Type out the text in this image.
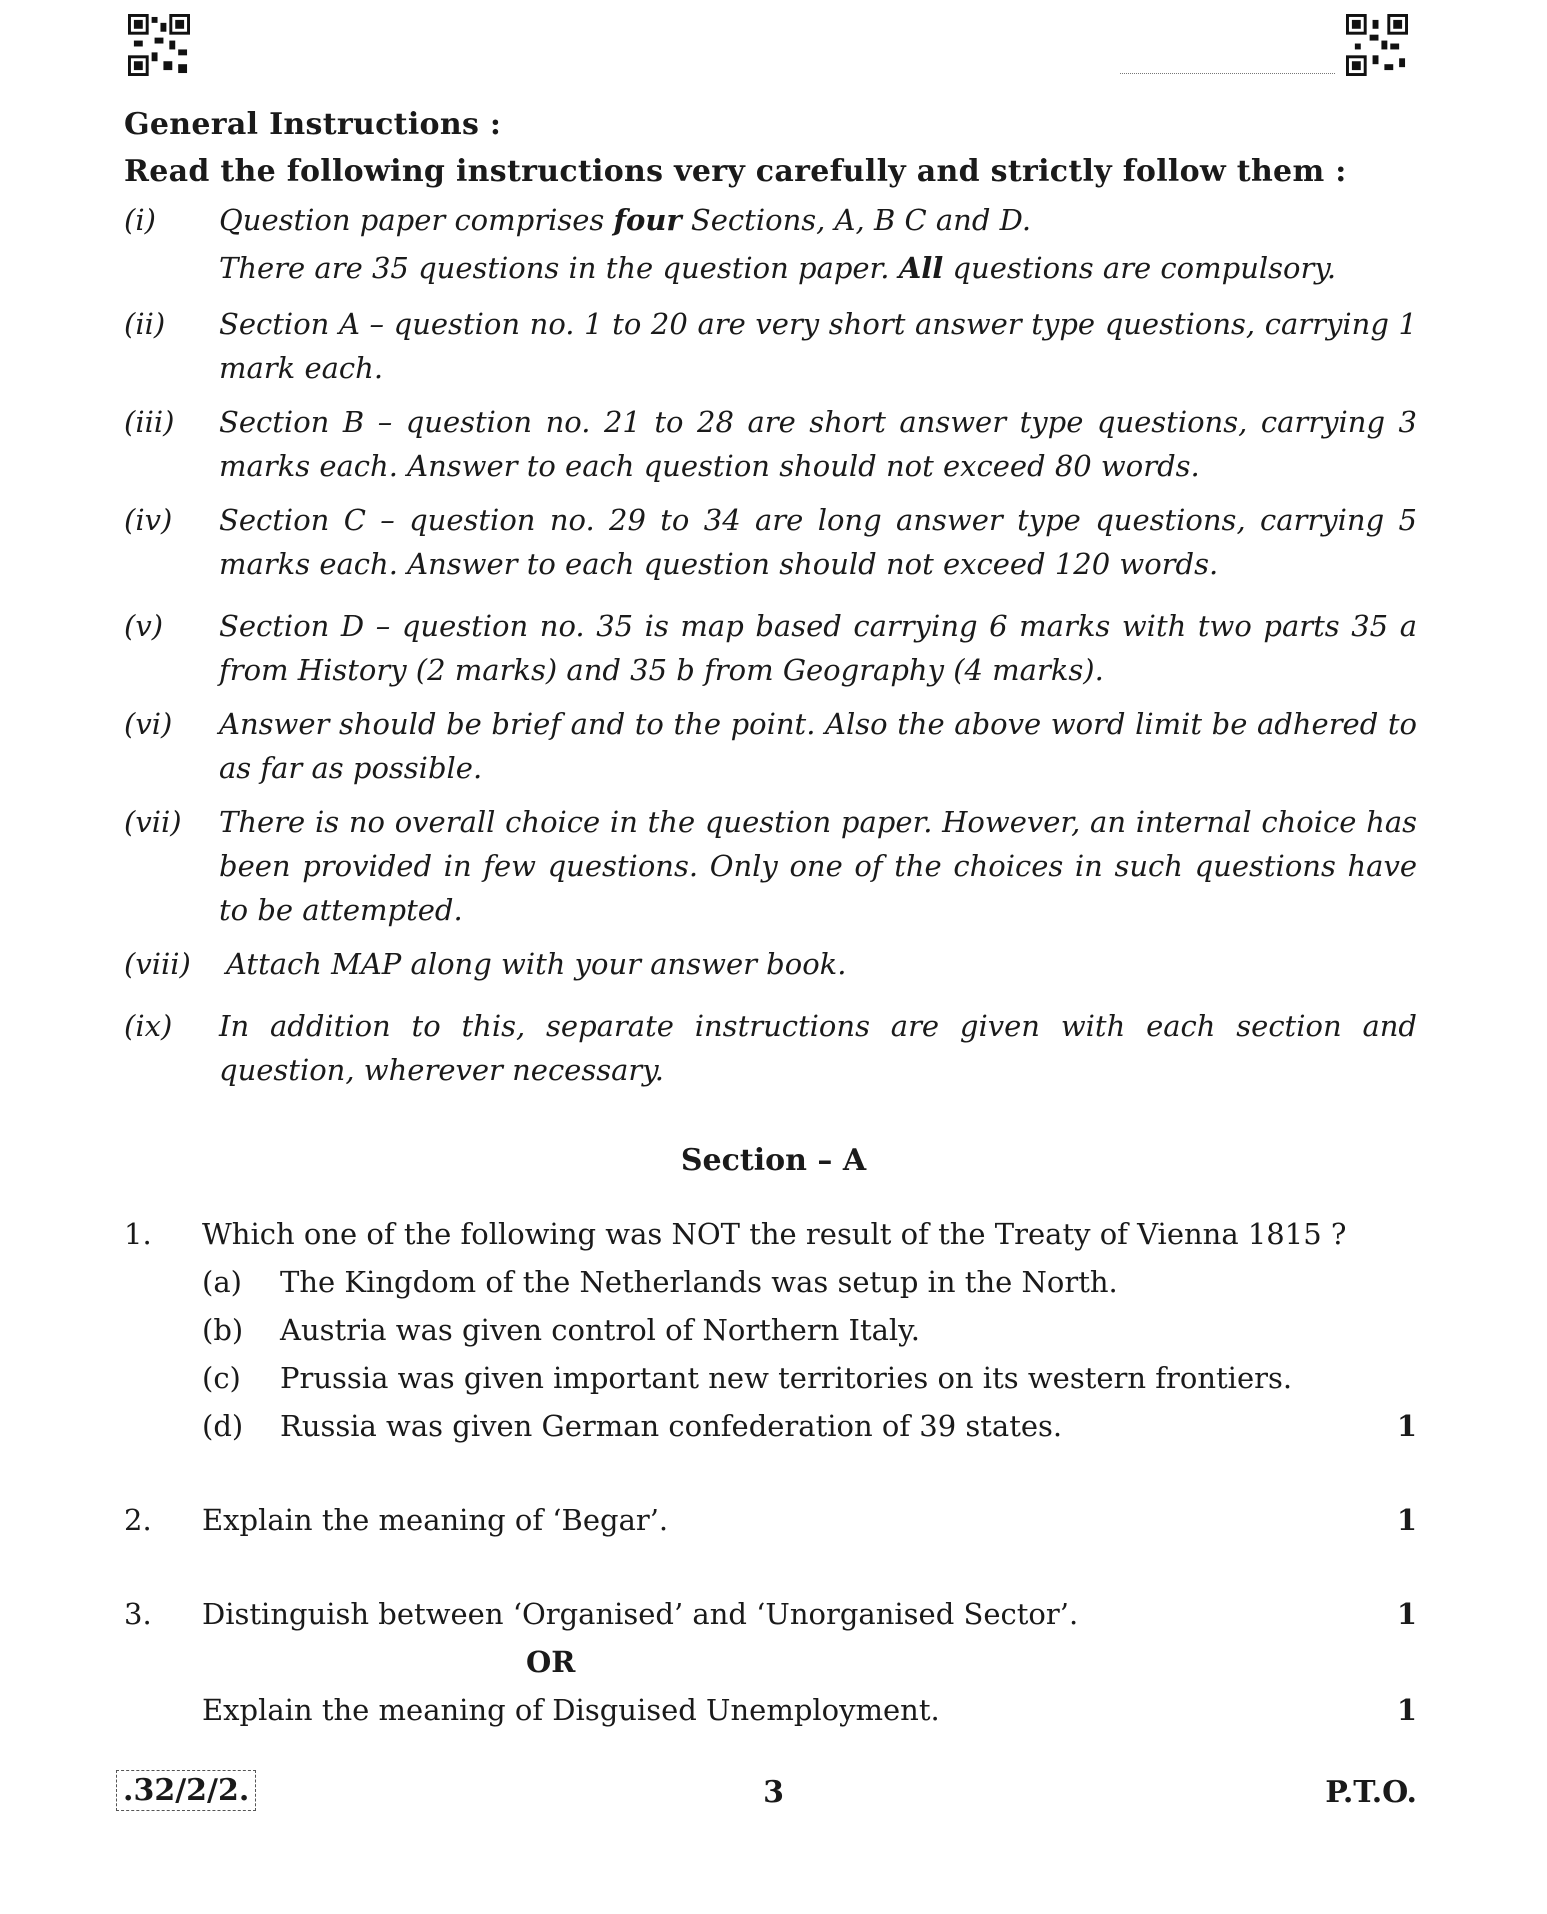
General Instructions :
Read the following instructions very carefully and strictly follow them :
(i) Question paper comprises four Sections, A, B C and D.
There are 35 questions in the question paper. All questions are compulsory.
(ii) Section A – question no. 1 to 20 are very short answer type questions, carrying 1 mark each.
(iii) Section B – question no. 21 to 28 are short answer type questions, carrying 3 marks each. Answer to each question should not exceed 80 words.
(iv) Section C – question no. 29 to 34 are long answer type questions, carrying 5 marks each. Answer to each question should not exceed 120 words.
(v) Section D – question no. 35 is map based carrying 6 marks with two parts 35 a from History (2 marks) and 35 b from Geography (4 marks).
(vi) Answer should be brief and to the point. Also the above word limit be adhered to as far as possible.
(vii) There is no overall choice in the question paper. However, an internal choice has been provided in few questions. Only one of the choices in such questions have to be attempted.
(viii) Attach MAP along with your answer book.
(ix) In addition to this, separate instructions are given with each section and question, wherever necessary.
Section – A
1. Which one of the following was NOT the result of the Treaty of Vienna 1815 ?
(a) The Kingdom of the Netherlands was setup in the North.
(b) Austria was given control of Northern Italy.
(c) Prussia was given important new territories on its western frontiers.
(d) Russia was given German confederation of 39 states.	1
2. Explain the meaning of ‘Begar’.	1
3. Distinguish between ‘Organised’ and ‘Unorganised Sector’.	1
OR
Explain the meaning of Disguised Unemployment.	1
.32/2/2.	3	P.T.O.
